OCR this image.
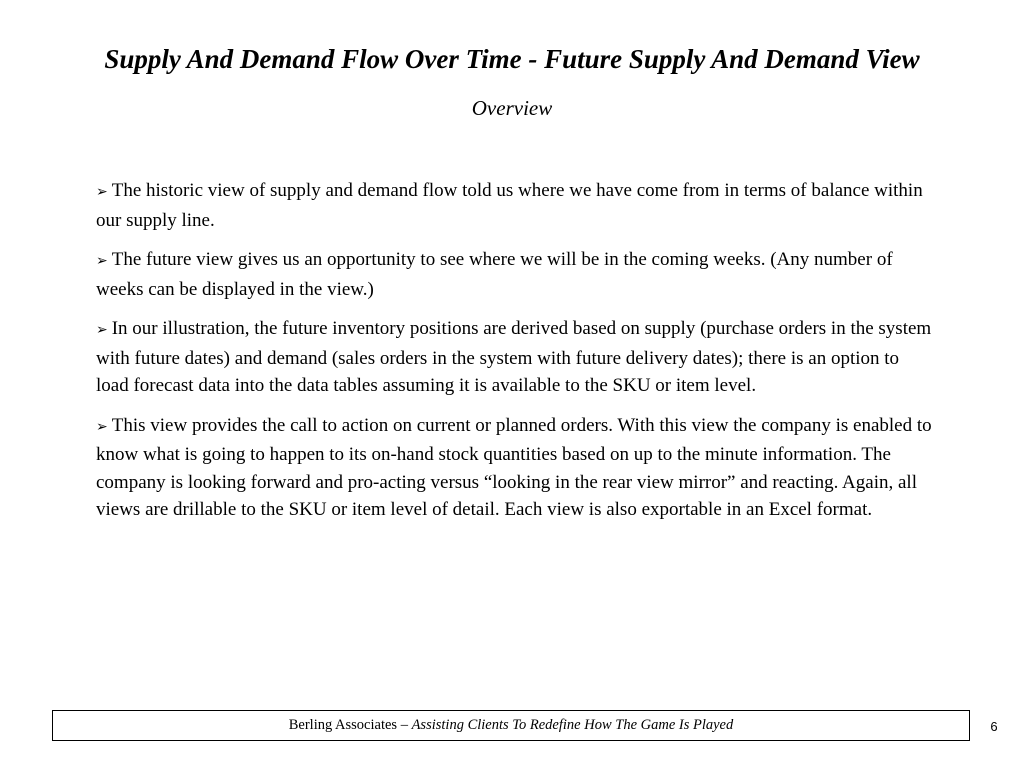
Supply And Demand Flow Over Time - Future Supply And Demand View
Overview
➢ The historic view of supply and demand flow told us where we have come from in terms of balance within our supply line.
➢ The future view gives us an opportunity to see where we will be in the coming weeks. (Any number of weeks can be displayed in the view.)
➢ In our illustration, the future inventory positions are derived based on supply (purchase orders in the system with future dates) and demand (sales orders in the system with future delivery dates); there is an option to load forecast data into the data tables assuming it is available to the SKU or item level.
➢ This view provides the call to action on current or planned orders. With this view the company is enabled to know what is going to happen to its on-hand stock quantities based on up to the minute information. The company is looking forward and pro-acting versus “looking in the rear view mirror” and reacting. Again, all views are drillable to the SKU or item level of detail. Each view is also exportable in an Excel format.
Berling Associates – Assisting Clients To Redefine How The Game Is Played	6
